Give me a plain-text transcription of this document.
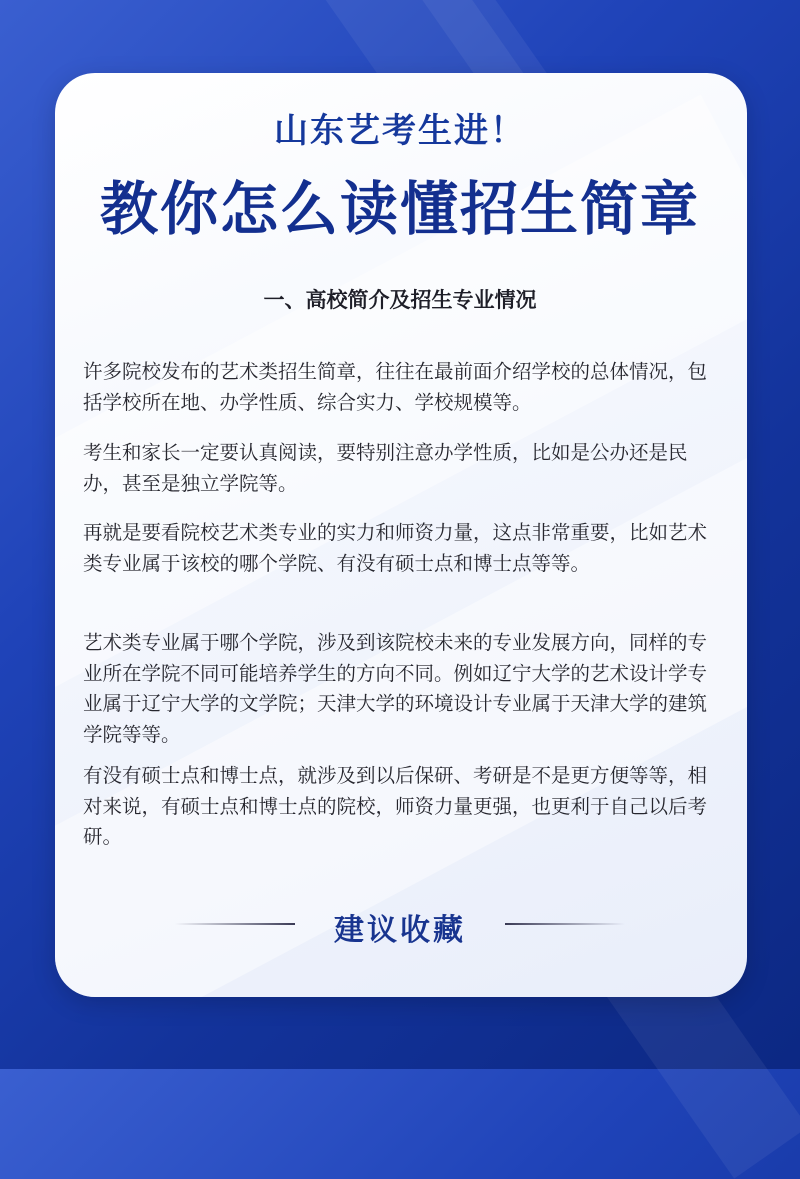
山东艺考生进！
教你怎么读懂招生简章
一、高校简介及招生专业情况

许多院校发布的艺术类招生简章，往往在最前面介绍学校的总体情况，包括学校所在地、办学性质、综合实力、学校规模等。

考生和家长一定要认真阅读，要特别注意办学性质，比如是公办还是民办，甚至是独立学院等。

再就是要看院校艺术类专业的实力和师资力量，这点非常重要，比如艺术类专业属于该校的哪个学院、有没有硕士点和博士点等等。

艺术类专业属于哪个学院，涉及到该院校未来的专业发展方向，同样的专业所在学院不同可能培养学生的方向不同。例如辽宁大学的艺术设计学专业属于辽宁大学的文学院；天津大学的环境设计专业属于天津大学的建筑学院等等。

有没有硕士点和博士点，就涉及到以后保研、考研是不是更方便等等，相对来说，有硕士点和博士点的院校，师资力量更强，也更利于自己以后考研。

建议收藏
